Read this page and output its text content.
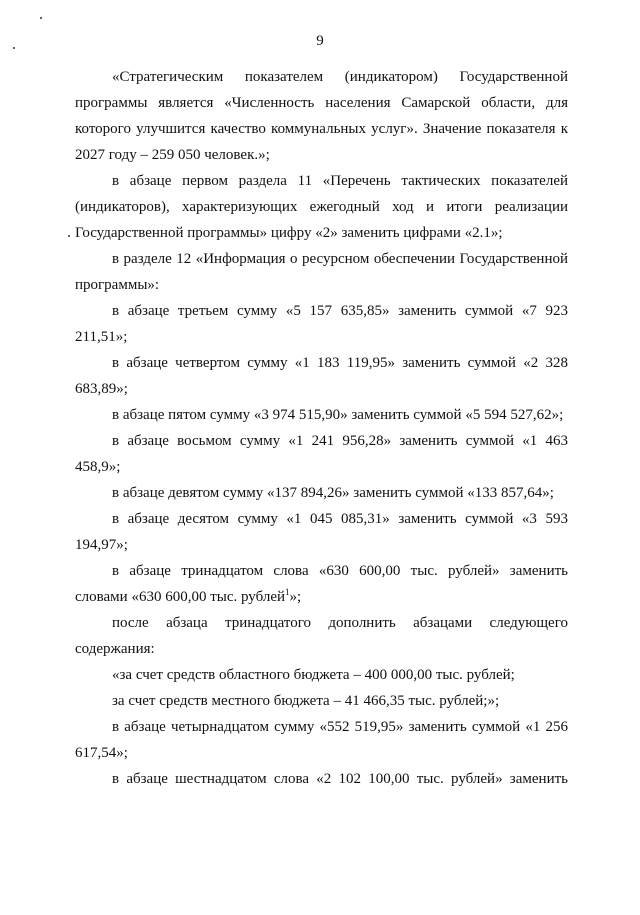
9

«Стратегическим показателем (индикатором) Государственной программы является «Численность населения Самарской области, для которого улучшится качество коммунальных услуг». Значение показателя к 2027 году – 259 050 человек.»;

в абзаце первом раздела 11 «Перечень тактических показателей (индикаторов), характеризующих ежегодный ход и итоги реализации Государственной программы» цифру «2» заменить цифрами «2.1»;

в разделе 12 «Информация о ресурсном обеспечении Государственной программы»:

в абзаце третьем сумму «5 157 635,85» заменить суммой «7 923 211,51»;

в абзаце четвертом сумму «1 183 119,95» заменить суммой «2 328 683,89»;

в абзаце пятом сумму «3 974 515,90» заменить суммой «5 594 527,62»;

в абзаце восьмом сумму «1 241 956,28» заменить суммой «1 463 458,9»;

в абзаце девятом сумму «137 894,26» заменить суммой «133 857,64»;

в абзаце десятом сумму «1 045 085,31» заменить суммой «3 593 194,97»;

в абзаце тринадцатом слова «630 600,00 тыс. рублей» заменить словами «630 600,00 тыс. рублей$^1$»;

после абзаца тринадцатого дополнить абзацами следующего содержания:

«за счет средств областного бюджета – 400 000,00 тыс. рублей;

за счет средств местного бюджета – 41 466,35 тыс. рублей;»;

в абзаце четырнадцатом сумму «552 519,95» заменить суммой «1 256 617,54»;

в абзаце шестнадцатом слова «2 102 100,00 тыс. рублей» заменить
